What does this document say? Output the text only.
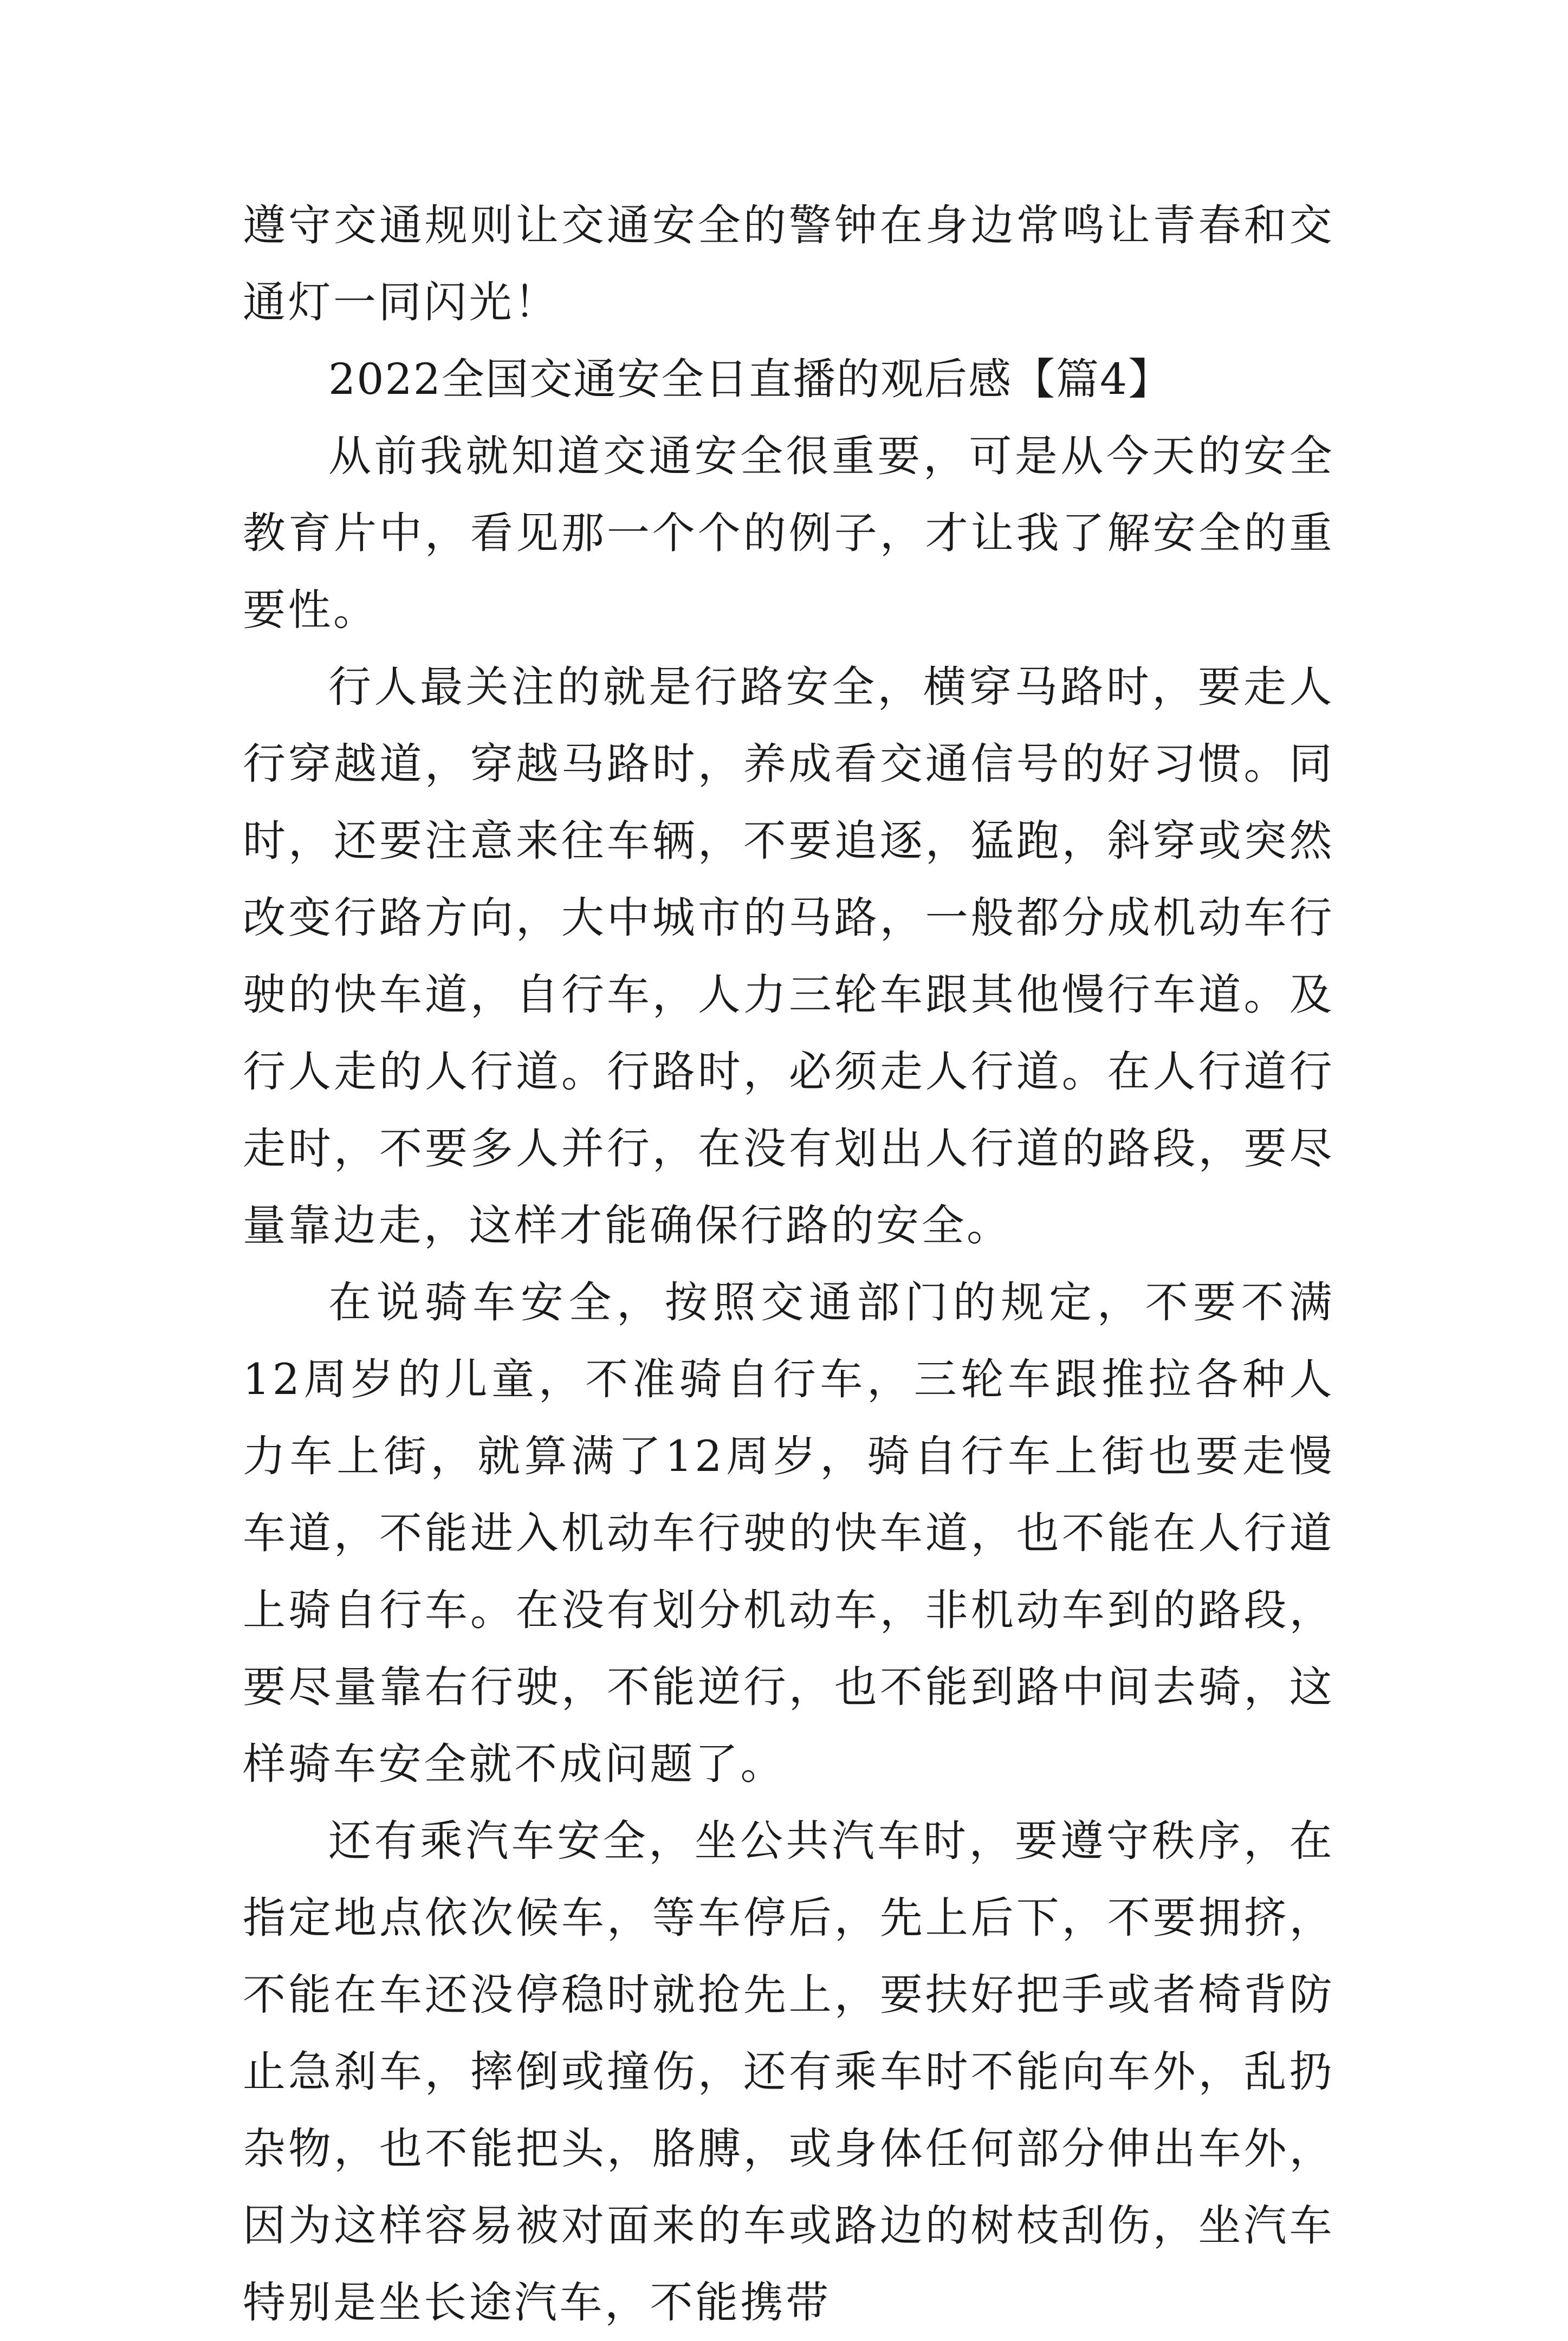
遵守交通规则让交通安全的警钟在身边常鸣让青春和交通灯一同闪光！

2022全国交通安全日直播的观后感【篇4】

从前我就知道交通安全很重要，可是从今天的安全教育片中，看见那一个个的例子，才让我了解安全的重要性。

行人最关注的就是行路安全，横穿马路时，要走人行穿越道，穿越马路时，养成看交通信号的好习惯。同时，还要注意来往车辆，不要追逐，猛跑，斜穿或突然改变行路方向，大中城市的马路，一般都分成机动车行驶的快车道，自行车，人力三轮车跟其他慢行车道。及行人走的人行道。行路时，必须走人行道。在人行道行走时，不要多人并行，在没有划出人行道的路段，要尽量靠边走，这样才能确保行路的安全。

在说骑车安全，按照交通部门的规定，不要不满12周岁的儿童，不准骑自行车，三轮车跟推拉各种人力车上街，就算满了12周岁，骑自行车上街也要走慢车道，不能进入机动车行驶的快车道，也不能在人行道上骑自行车。在没有划分机动车，非机动车到的路段，要尽量靠右行驶，不能逆行，也不能到路中间去骑，这样骑车安全就不成问题了。

还有乘汽车安全，坐公共汽车时，要遵守秩序，在指定地点依次候车，等车停后，先上后下，不要拥挤，不能在车还没停稳时就抢先上，要扶好把手或者椅背防止急刹车，摔倒或撞伤，还有乘车时不能向车外，乱扔杂物，也不能把头，胳膊，或身体任何部分伸出车外，因为这样容易被对面来的车或路边的树枝刮伤，坐汽车特别是坐长途汽车，不能携带
